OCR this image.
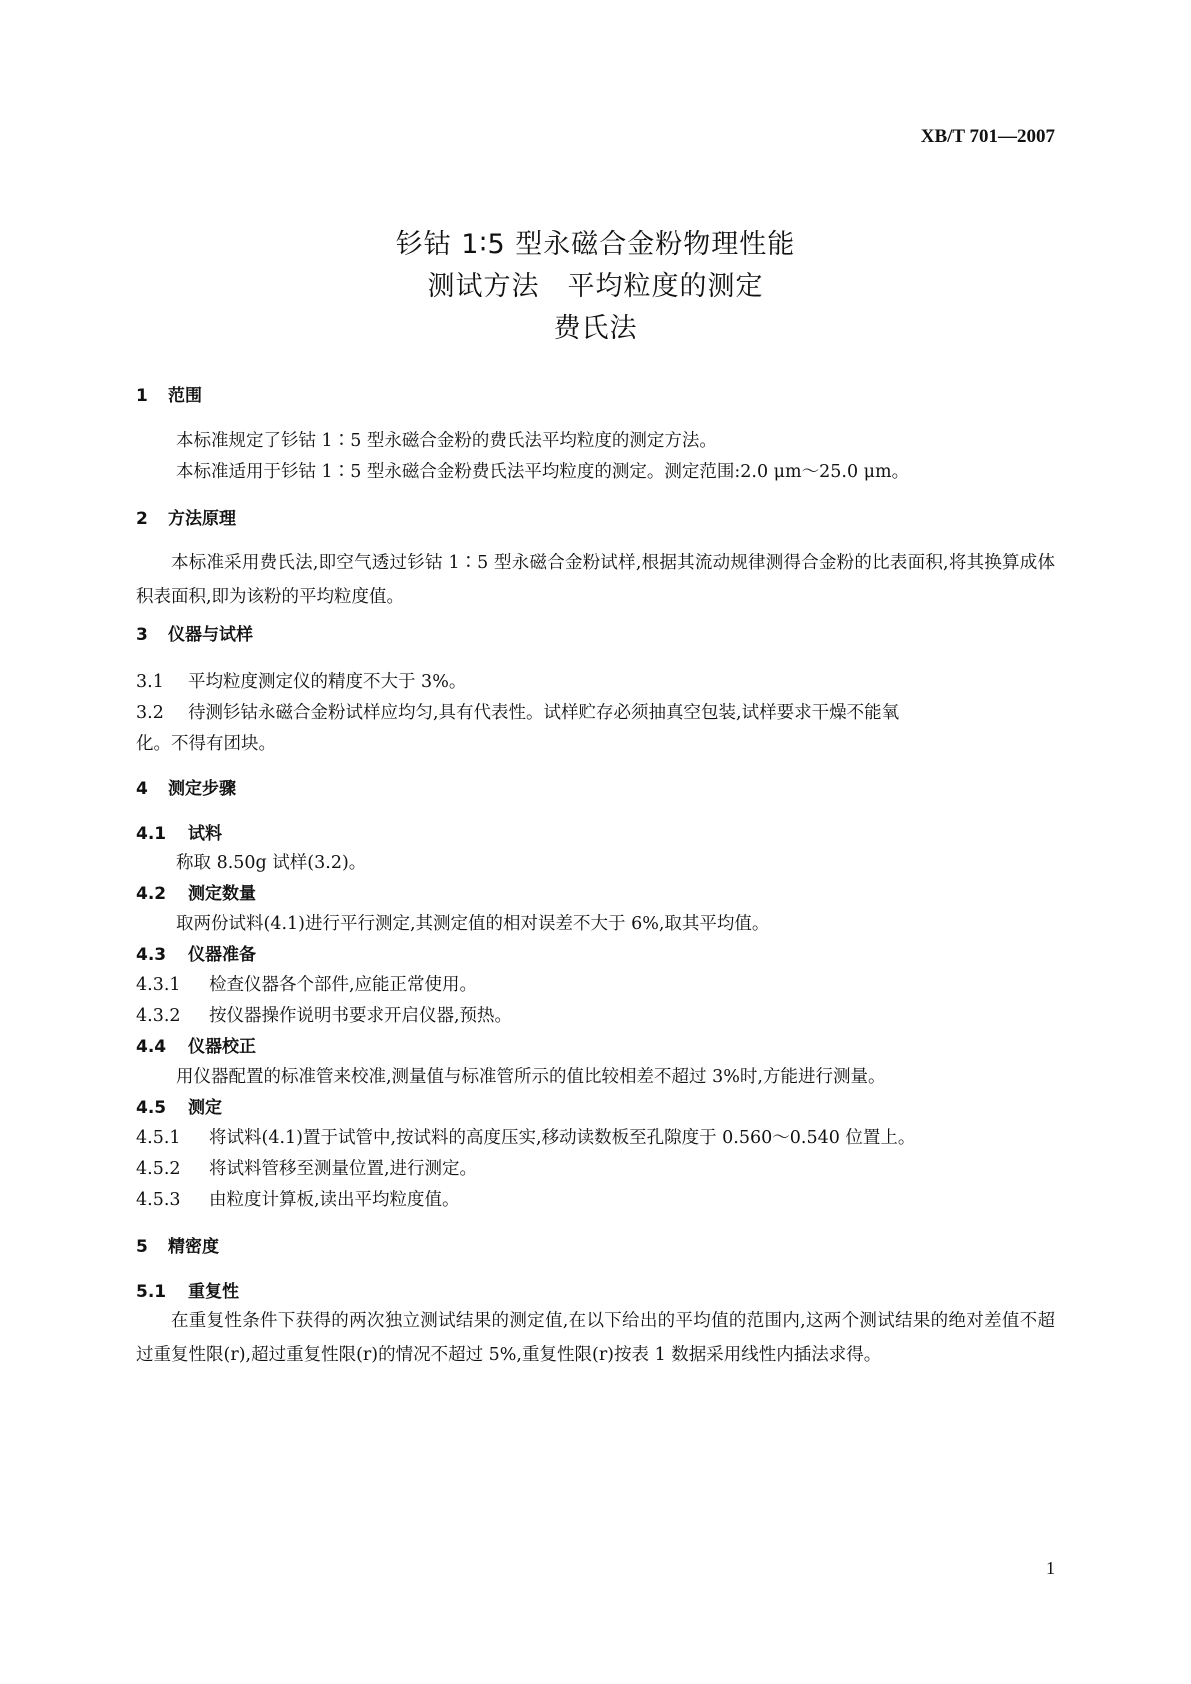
XB/T 701—2007
钐钴 1∶5 型永磁合金粉物理性能
测试方法　平均粒度的测定
费氏法
1 范围
本标准规定了钐钴 1∶5 型永磁合金粉的费氏法平均粒度的测定方法。
本标准适用于钐钴 1∶5 型永磁合金粉费氏法平均粒度的测定。测定范围:2.0 μm～25.0 μm。
2 方法原理
本标准采用费氏法,即空气透过钐钴 1∶5 型永磁合金粉试样,根据其流动规律测得合金粉的比表面积,将其换算成体积表面积,即为该粉的平均粒度值。
3 仪器与试样
3.1 平均粒度测定仪的精度不大于 3%。
3.2 待测钐钴永磁合金粉试样应均匀,具有代表性。试样贮存必须抽真空包装,试样要求干燥不能氧
化。不得有团块。
4 测定步骤
4.1 试料
称取 8.50g 试样(3.2)。
4.2 测定数量
取两份试料(4.1)进行平行测定,其测定值的相对误差不大于 6%,取其平均值。
4.3 仪器准备
4.3.1 检查仪器各个部件,应能正常使用。
4.3.2 按仪器操作说明书要求开启仪器,预热。
4.4 仪器校正
用仪器配置的标准管来校准,测量值与标准管所示的值比较相差不超过 3%时,方能进行测量。
4.5 测定
4.5.1 将试料(4.1)置于试管中,按试料的高度压实,移动读数板至孔隙度于 0.560～0.540 位置上。
4.5.2 将试料管移至测量位置,进行测定。
4.5.3 由粒度计算板,读出平均粒度值。
5 精密度
5.1 重复性
在重复性条件下获得的两次独立测试结果的测定值,在以下给出的平均值的范围内,这两个测试结果的绝对差值不超过重复性限(r),超过重复性限(r)的情况不超过 5%,重复性限(r)按表 1 数据采用线性内插法求得。
1
